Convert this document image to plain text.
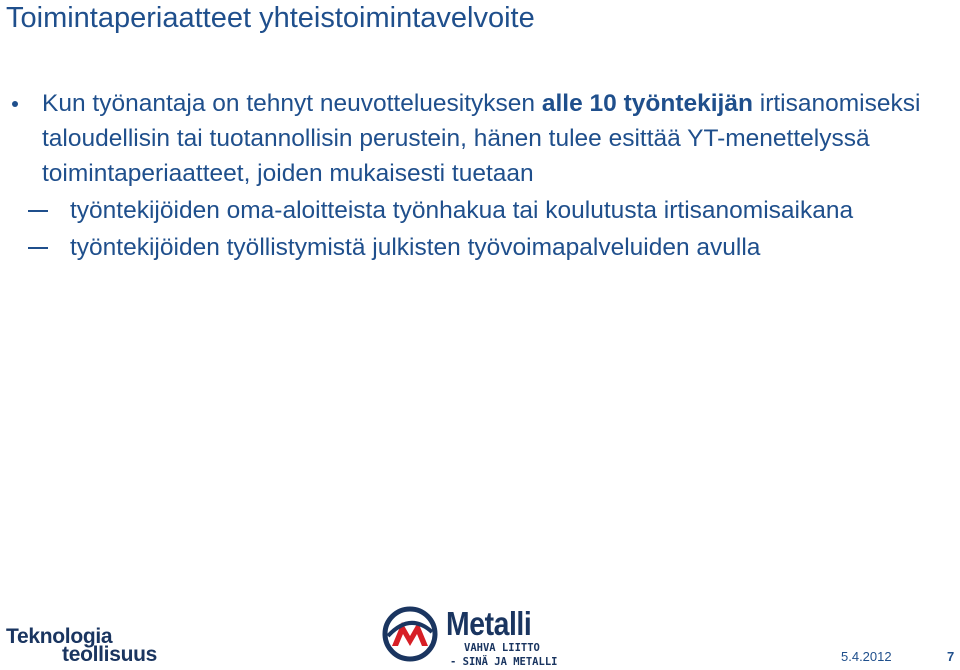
Toimintaperiaatteet yhteistoimintavelvoite
Kun työnantaja on tehnyt neuvotteluesityksen alle 10 työntekijän irtisanomiseksi taloudellisin tai tuotannollisin perustein, hänen tulee esittää YT-menettelyssä toimintaperiaatteet, joiden mukaisesti tuetaan
työntekijöiden oma-aloitteista työnhakua tai koulutusta irtisanomisaikana
työntekijöiden työllistymistä julkisten työvoimapalveluiden avulla
Teknologia
teollisuus
Metalli
VAHVA LIITTO
- SINÄ JA METALLI	5.4.2012	7
